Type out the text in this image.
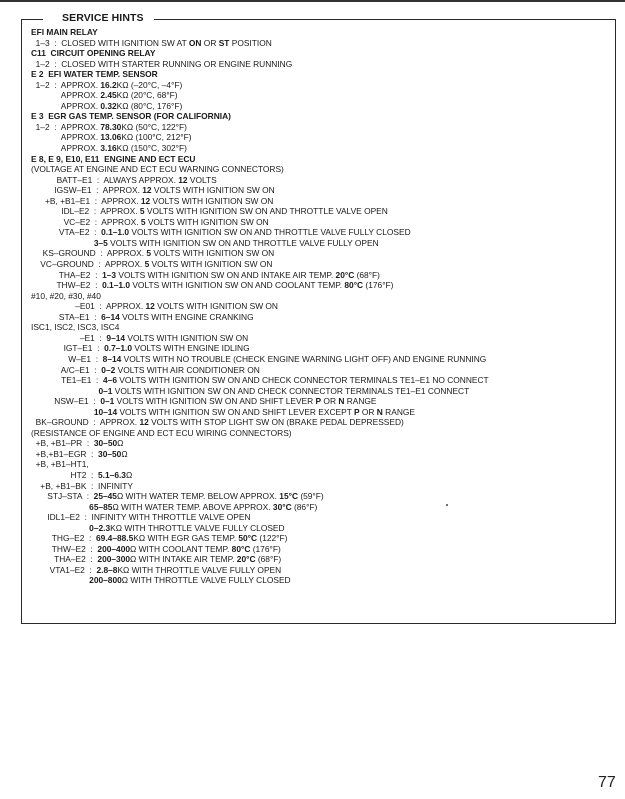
SERVICE HINTS
EFI MAIN RELAY
1–3  :  CLOSED WITH IGNITION SW AT ON OR ST POSITION
C11  CIRCUIT OPENING RELAY
1–2  :  CLOSED WITH STARTER RUNNING OR ENGINE RUNNING
E 2  EFI WATER TEMP. SENSOR
1–2  :  APPROX. 16.2KΩ (–20°C, –4°F)
APPROX. 2.45KΩ (20°C, 68°F)
APPROX. 0.32KΩ (80°C, 176°F)
E 3  EGR GAS TEMP. SENSOR (FOR CALIFORNIA)
1–2  :  APPROX. 78.30KΩ (50°C, 122°F)
APPROX. 13.06KΩ (100°C, 212°F)
APPROX. 3.16KΩ (150°C, 302°F)
E 8, E 9, E10, E11  ENGINE AND ECT ECU
(VOLTAGE AT ENGINE AND ECT ECU WARNING CONNECTORS)
BATT–E1  :  ALWAYS APPROX. 12 VOLTS
IGSW–E1  :  APPROX. 12 VOLTS WITH IGNITION SW ON
+B, +B1–E1  :  APPROX. 12 VOLTS WITH IGNITION SW ON
IDL–E2  :  APPROX. 5 VOLTS WITH IGNITION SW ON AND THROTTLE VALVE OPEN
VC–E2  :  APPROX. 5 VOLTS WITH IGNITION SW ON
VTA–E2  :  0.1–1.0 VOLTS WITH IGNITION SW ON AND THROTTLE VALVE FULLY CLOSED
3–5 VOLTS WITH IGNITION SW ON AND THROTTLE VALVE FULLY OPEN
KS–GROUND  :  APPROX. 5 VOLTS WITH IGNITION SW ON
VC–GROUND  :  APPROX. 5 VOLTS WITH IGNITION SW ON
THA–E2  :  1–3 VOLTS WITH IGNITION SW ON AND INTAKE AIR TEMP. 20°C (68°F)
THW–E2  :  0.1–1.0 VOLTS WITH IGNITION SW ON AND COOLANT TEMP. 80°C (176°F)
#10, #20, #30, #40
–E01  :  APPROX. 12 VOLTS WITH IGNITION SW ON
STA–E1  :  6–14 VOLTS WITH ENGINE CRANKING
ISC1, ISC2, ISC3, ISC4
–E1  :  9–14 VOLTS WITH IGNITION SW ON
IGT–E1  :  0.7–1.0 VOLTS WITH ENGINE IDLING
W–E1  :  8–14 VOLTS WITH NO TROUBLE (CHECK ENGINE WARNING LIGHT OFF) AND ENGINE RUNNING
A/C–E1  :  0–2 VOLTS WITH AIR CONDITIONER ON
TE1–E1  :  4–6 VOLTS WITH IGNITION SW ON AND CHECK CONNECTOR TERMINALS TE1–E1 NO CONNECT
0–1 VOLTS WITH IGNITION SW ON AND CHECK CONNECTOR TERMINALS TE1–E1 CONNECT
NSW–E1  :  0–1 VOLTS WITH IGNITION SW ON AND SHIFT LEVER P OR N RANGE
10–14 VOLTS WITH IGNITION SW ON AND SHIFT LEVER EXCEPT P OR N RANGE
BK–GROUND  :  APPROX. 12 VOLTS WITH STOP LIGHT SW ON (BRAKE PEDAL DEPRESSED)
(RESISTANCE OF ENGINE AND ECT ECU WIRING CONNECTORS)
+B, +B1–PR  :  30–50Ω
+B,+B1–EGR  :  30–50Ω
+B, +B1–HT1,
HT2  :  5.1–6.3Ω
+B, +B1–BK  :  INFINITY
STJ–STA  :  25–45Ω WITH WATER TEMP. BELOW APPROX. 15°C (59°F)
65–85Ω WITH WATER TEMP. ABOVE APPROX. 30°C (86°F)
IDL1–E2  :  INFINITY WITH THROTTLE VALVE OPEN
0–2.3KΩ WITH THROTTLE VALVE FULLY CLOSED
THG–E2  :  69.4–88.5KΩ WITH EGR GAS TEMP. 50°C (122°F)
THW–E2  :  200–400Ω WITH COOLANT TEMP. 80°C (176°F)
THA–E2  :  200–300Ω WITH INTAKE AIR TEMP. 20°C (68°F)
VTA1–E2  :  2.8–8KΩ WITH THROTTLE VALVE FULLY OPEN
200–800Ω WITH THROTTLE VALVE FULLY CLOSED
77
